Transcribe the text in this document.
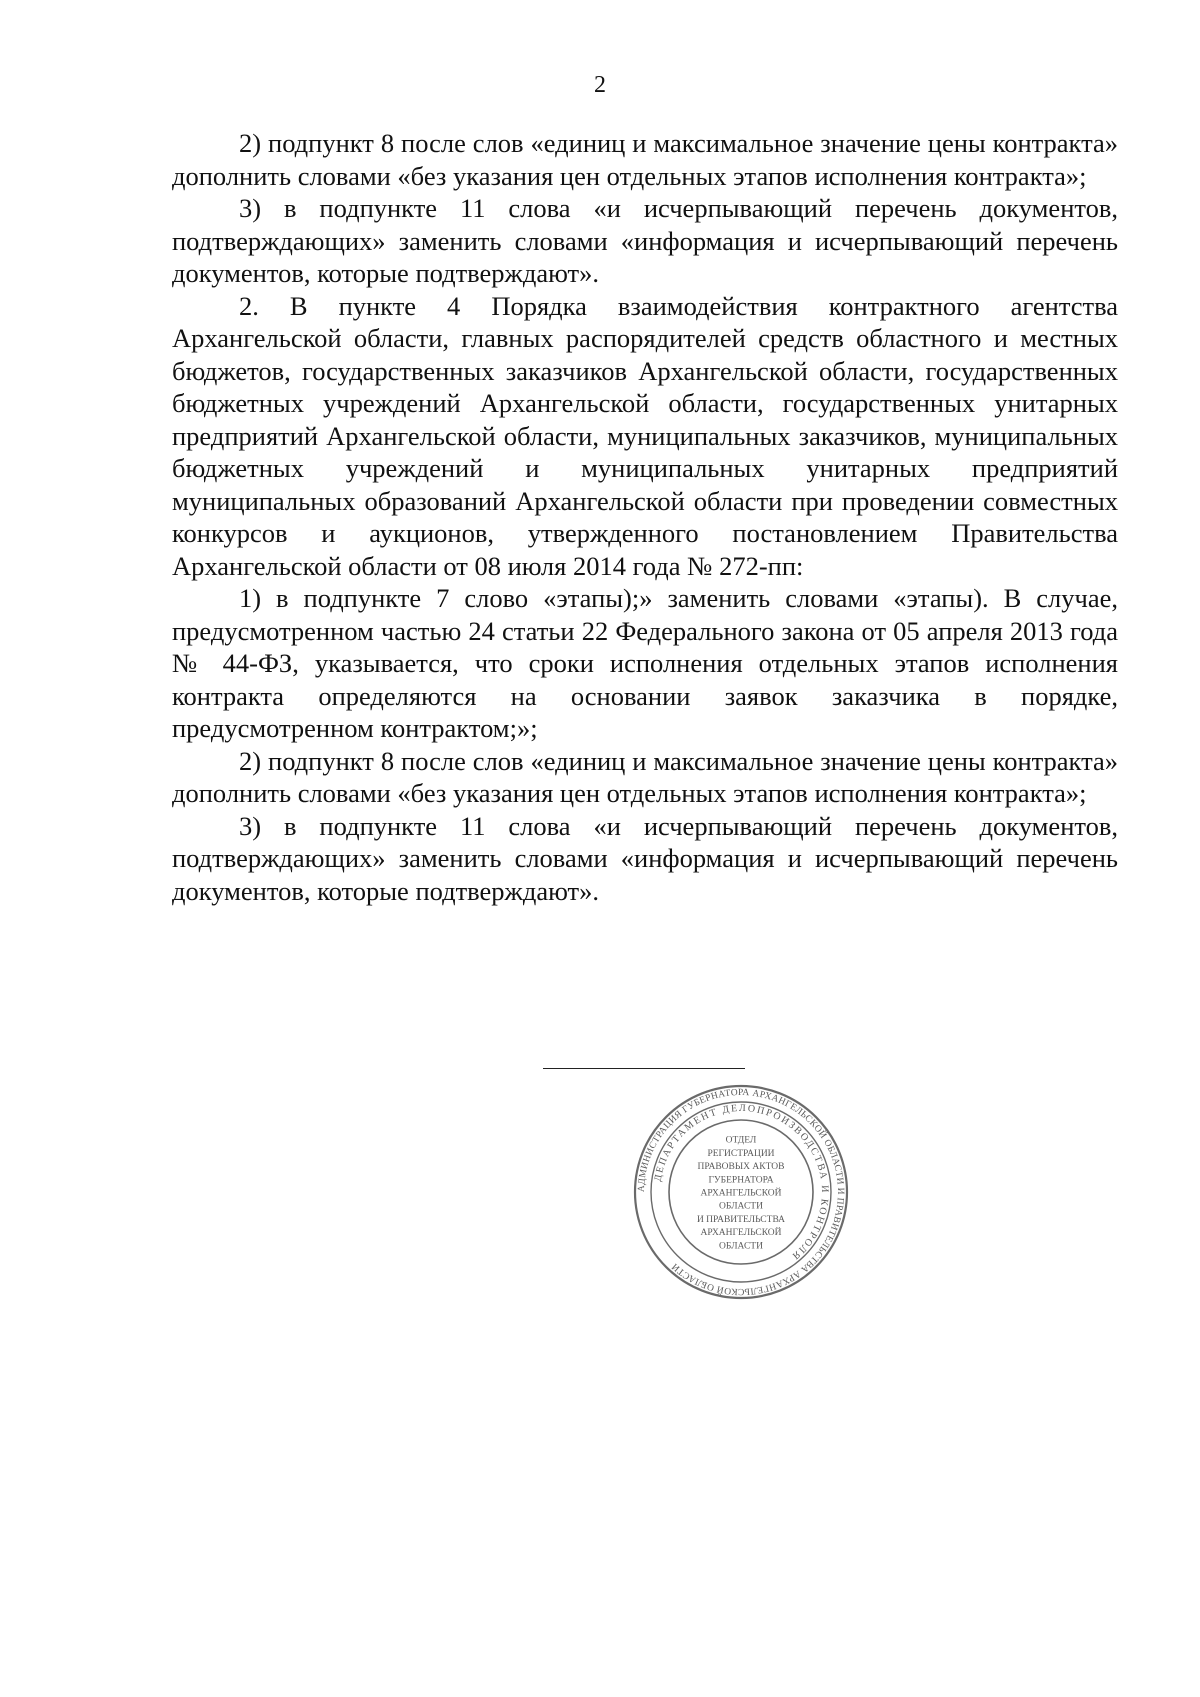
2

2) подпункт 8 после слов «единиц и максимальное значение цены контракта» дополнить словами «без указания цен отдельных этапов исполнения контракта»;

3) в подпункте 11 слова «и исчерпывающий перечень документов, подтверждающих» заменить словами «информация и исчерпывающий перечень документов, которые подтверждают».

2. В пункте 4 Порядка взаимодействия контрактного агентства Архангельской области, главных распорядителей средств областного и местных бюджетов, государственных заказчиков Архангельской области, государственных бюджетных учреждений Архангельской области, государственных унитарных предприятий Архангельской области, муниципальных заказчиков, муниципальных бюджетных учреждений и муниципальных унитарных предприятий муниципальных образований Архангельской области при проведении совместных конкурсов и аукционов, утвержденного постановлением Правительства Архангельской области от 08 июля 2014 года № 272-пп:

1) в подпункте 7 слово «этапы);» заменить словами «этапы). В случае, предусмотренном частью 24 статьи 22 Федерального закона от 05 апреля 2013 года № 44-ФЗ, указывается, что сроки исполнения отдельных этапов исполнения контракта определяются на основании заявок заказчика в порядке, предусмотренном контрактом;»;

2) подпункт 8 после слов «единиц и максимальное значение цены контракта» дополнить словами «без указания цен отдельных этапов исполнения контракта»;

3) в подпункте 11 слова «и исчерпывающий перечень документов, подтверждающих» заменить словами «информация и исчерпывающий перечень документов, которые подтверждают».

АДМИНИСТРАЦИЯ ГУБЕРНАТОРА АРХАНГЕЛЬСКОЙ ОБЛАСТИ И ПРАВИТЕЛЬСТВА АРХАНГЕЛЬСКОЙ ОБЛАСТИ
ДЕПАРТАМЕНТ ДЕЛОПРОИЗВОДСТВА И КОНТРОЛЯ
ОТДЕЛ
РЕГИСТРАЦИИ
ПРАВОВЫХ АКТОВ
ГУБЕРНАТОРА
АРХАНГЕЛЬСКОЙ
ОБЛАСТИ
И ПРАВИТЕЛЬСТВА
АРХАНГЕЛЬСКОЙ
ОБЛАСТИ
